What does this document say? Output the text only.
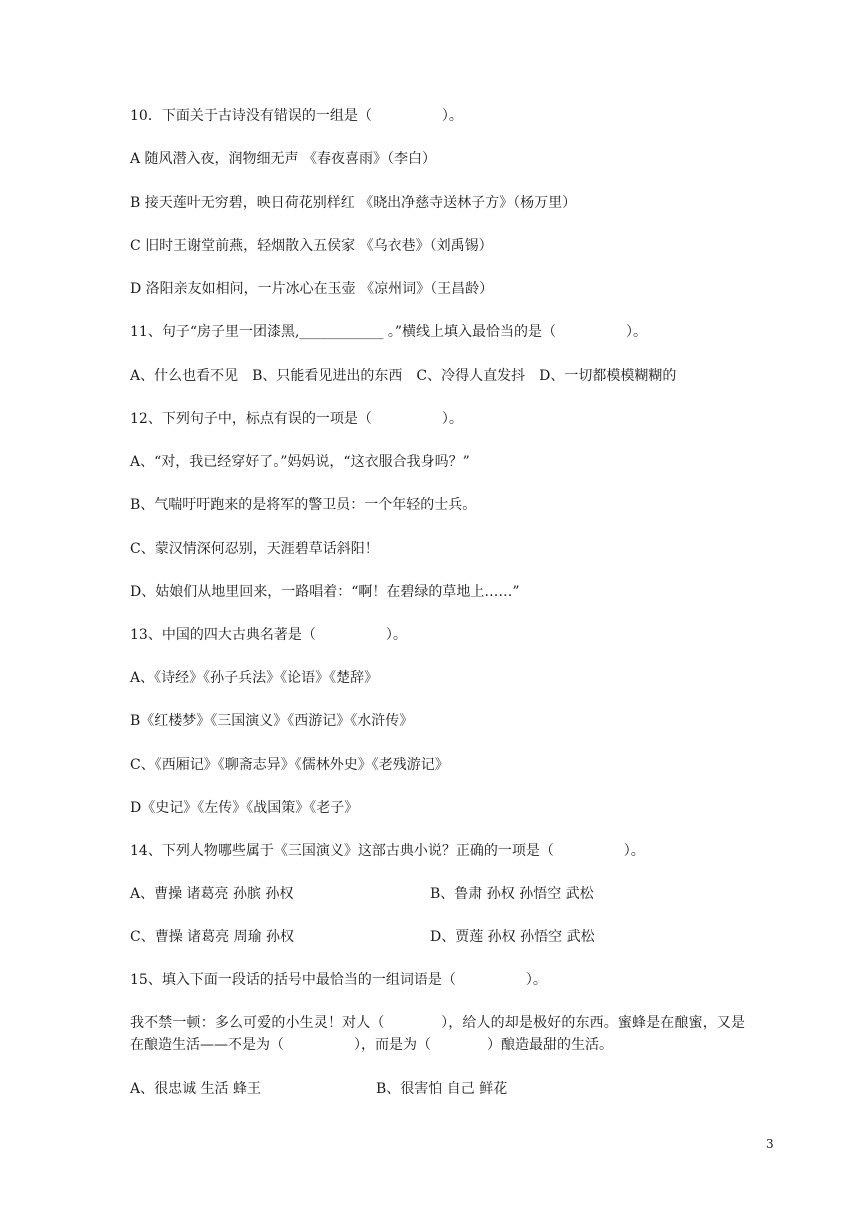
10．下面关于古诗没有错误的一组是（　　　　　）。
A 随风潜入夜，润物细无声 《春夜喜雨》（李白）
B 接天莲叶无穷碧，映日荷花别样红 《晓出净慈寺送林子方》（杨万里）
C 旧时王谢堂前燕，轻烟散入五侯家 《乌衣巷》（刘禹锡）
D 洛阳亲友如相问，一片冰心在玉壶 《凉州词》（王昌龄）
11、句子“房子里一团漆黑,____________ 。”横线上填入最恰当的是（　　　　　）。
A、什么也看不见　B、只能看见进出的东西　C、冷得人直发抖　D、一切都模模糊糊的
12、下列句子中，标点有误的一项是（　　　　　）。
A、“对，我已经穿好了。”妈妈说，“这衣服合我身吗？”
B、气喘吁吁跑来的是将军的警卫员：一个年轻的士兵。
C、蒙汉情深何忍别，天涯碧草话斜阳！
D、姑娘们从地里回来，一路唱着：“啊！在碧绿的草地上……”
13、中国的四大古典名著是（　　　　　）。
A、《诗经》《孙子兵法》《论语》《楚辞》
B《红楼梦》《三国演义》《西游记》《水浒传》
C、《西厢记》《聊斋志异》《儒林外史》《老残游记》
D《史记》《左传》《战国策》《老子》
14、下列人物哪些属于《三国演义》这部古典小说？正确的一项是（　　　　　）。
A、曹操 诸葛亮 孙膑 孙权	B、鲁肃 孙权 孙悟空 武松
C、曹操 诸葛亮 周瑜 孙权	D、贾莲 孙权 孙悟空 武松
15、填入下面一段话的括号中最恰当的一组词语是（　　　　　）。
我不禁一顿：多么可爱的小生灵！对人（　　　　），给人的却是极好的东西。蜜蜂是在酿蜜，又是在酿造生活——不是为（　　　　　），而是为（　　　　）酿造最甜的生活。
A、很忠诚 生活 蜂王	B、很害怕 自己 鲜花
3
